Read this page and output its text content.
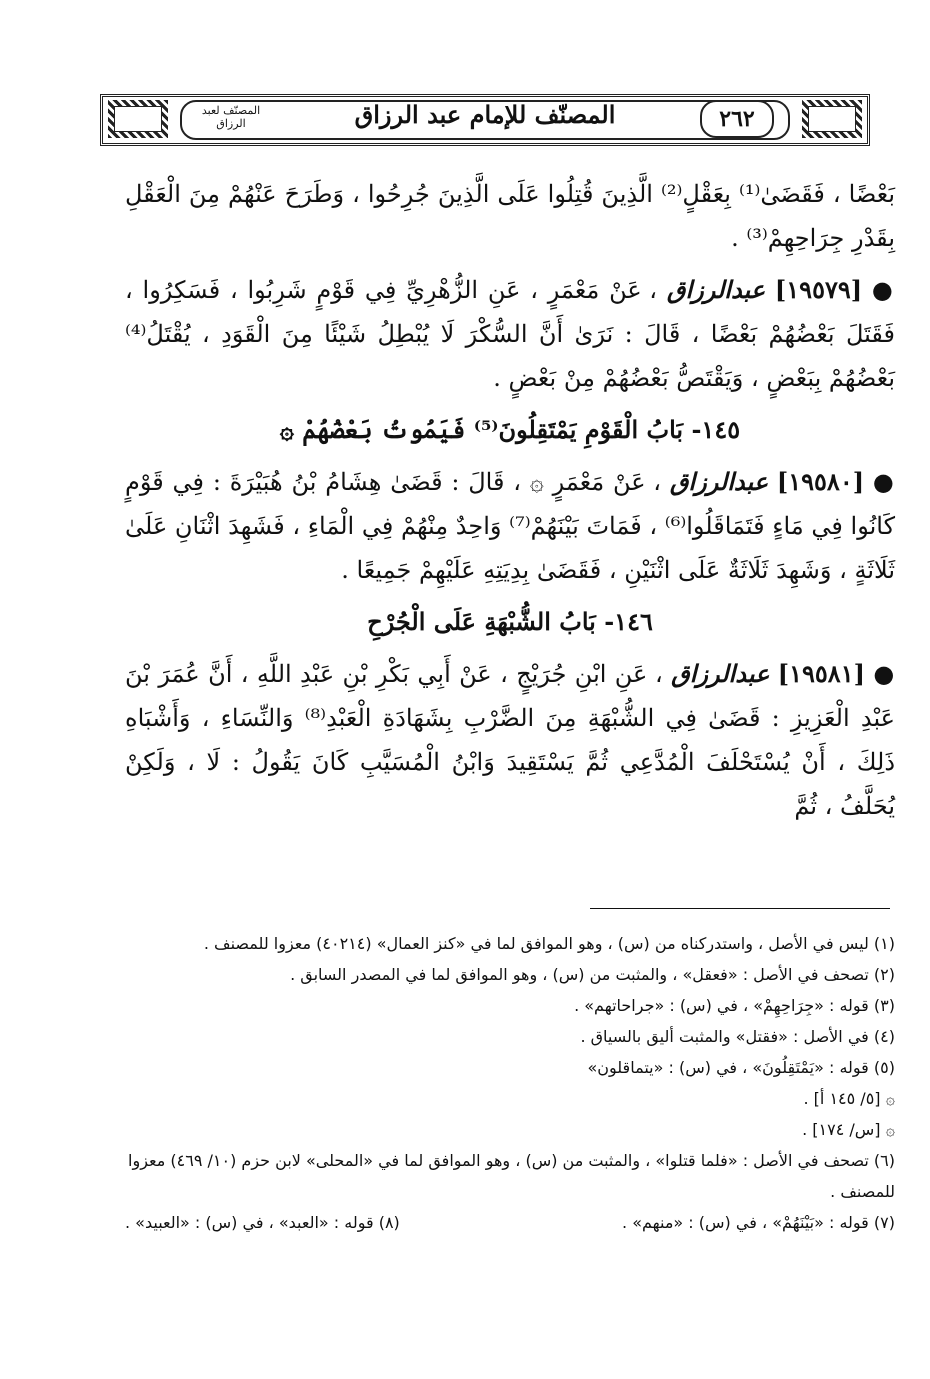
المصنّف للإمام عبد الرزاق	٢٦٢
المصنّف لعبد الرزاق

بَعْضًا ، فَقَضَىٰ⁽¹⁾ بِعَقْلٍ⁽²⁾ الَّذِينَ قُتِلُوا عَلَى الَّذِينَ جُرِحُوا ، وَطَرَحَ عَنْهُمْ مِنَ الْعَقْلِ بِقَدْرِ جِرَاحِهِمْ⁽³⁾ .

● [١٩٥٧٩] عبدالرزاق ، عَنْ مَعْمَرٍ ، عَنِ الزُّهْرِيِّ فِي قَوْمٍ شَرِبُوا ، فَسَكِرُوا ، فَقَتَلَ بَعْضُهُمْ بَعْضًا ، قَالَ : نَرَىٰ أَنَّ السُّكْرَ لَا يُبْطِلُ شَيْئًا مِنَ الْقَوَدِ ، يُقْتَلُ⁽⁴⁾ بَعْضُهُمْ بِبَعْضٍ ، وَيَقْتَصُّ بَعْضُهُمْ مِنْ بَعْضٍ .

١٤٥- بَابُ الْقَوْمِ يَمْتَقِلُونَ⁽⁵⁾ فَيَمُوتُ بَعْضُهُمْ ۞

● [١٩٥٨٠] عبدالرزاق ، عَنْ مَعْمَرٍ ۞ ، قَالَ : قَضَىٰ هِشَامُ بْنُ هُبَيْرَةَ : فِي قَوْمٍ كَانُوا فِي مَاءٍ فَتَمَاقَلُوا⁽⁶⁾ ، فَمَاتَ بَيْنَهُمْ⁽⁷⁾ وَاحِدٌ مِنْهُمْ فِي الْمَاءِ ، فَشَهِدَ اثْنَانِ عَلَىٰ ثَلَاثَةٍ ، وَشَهِدَ ثَلَاثَةٌ عَلَى اثْنَيْنِ ، فَقَضَىٰ بِدِيَتِهِ عَلَيْهِمْ جَمِيعًا .

١٤٦- بَابُ الشُّبْهَةِ عَلَى الْجُرْحِ

● [١٩٥٨١] عبدالرزاق ، عَنِ ابْنِ جُرَيْجٍ ، عَنْ أَبِي بَكْرِ بْنِ عَبْدِ اللَّهِ ، أَنَّ عُمَرَ بْنَ عَبْدِ الْعَزِيزِ : قَضَىٰ فِي الشُّبْهَةِ مِنَ الضَّرْبِ بِشَهَادَةِ الْعَبْدِ⁽⁸⁾ وَالنِّسَاءِ ، وَأَشْبَاهِ ذَلِكَ ، أَنْ يُسْتَحْلَفَ الْمُدَّعِي ثُمَّ يَسْتَقِيدَ وَابْنُ الْمُسَيَّبِ كَانَ يَقُولُ : لَا ، وَلَكِنْ يُحَلَّفُ ، ثُمَّ

(١) ليس في الأصل ، واستدركناه من (س) ، وهو الموافق لما في «كنز العمال» (٤٠٢١٤) معزوا للمصنف .

(٢) تصحف في الأصل : «فعقل» ، والمثبت من (س) ، وهو الموافق لما في المصدر السابق .

(٣) قوله : «جِرَاحِهِمْ» ، في (س) : «جراحاتهم» .

(٤) في الأصل : «فقتل» والمثبت أليق بالسياق .

(٥) قوله : «يَمْتَقِلُونَ» ، في (س) : «يتماقلون»

۞ [٥/ ١٤٥ أ] .

۞ [س/ ١٧٤] .

(٦) تصحف في الأصل : «فلما قتلوا» ، والمثبت من (س) ، وهو الموافق لما في «المحلى» لابن حزم (١٠/ ٤٦٩) معزوا للمصنف .

(٧) قوله : «بَيْنَهُمْ» ، في (س) : «منهم» .
(٨) قوله : «العبد» ، في (س) : «العبيد» .
